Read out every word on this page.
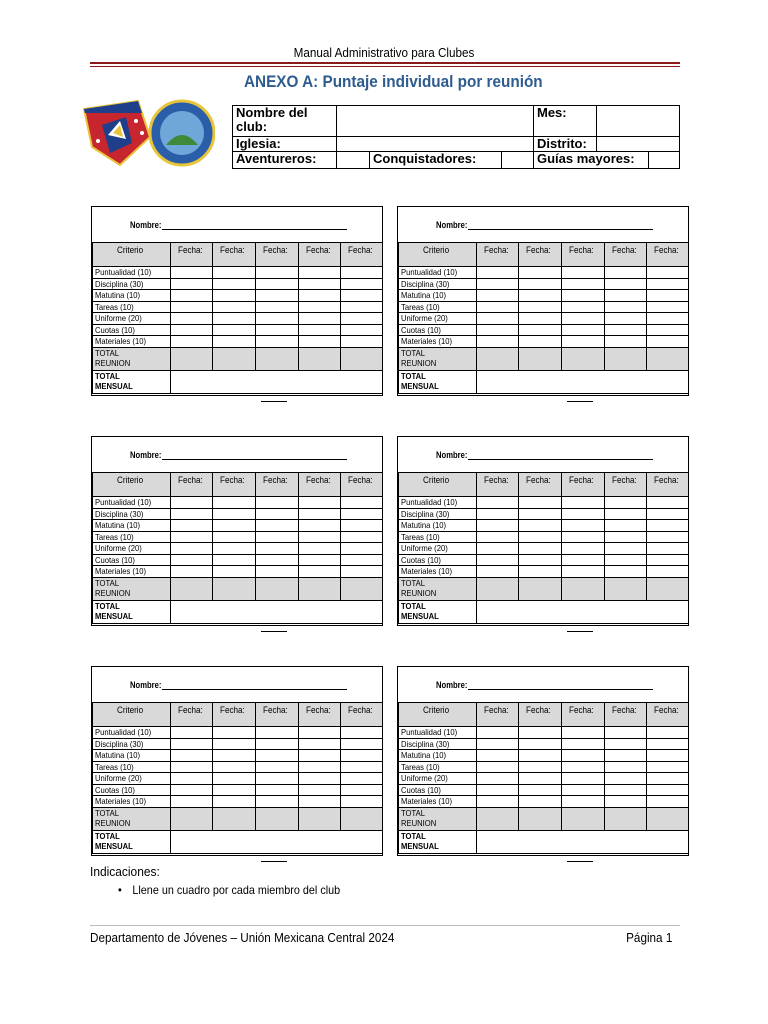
Manual Administrativo para Clubes
ANEXO A: Puntaje individual por reunión
Nombre del club:				Mes:		
Iglesia:				Distrito:		
Aventureros:		Conquistadores:		Guías mayores:		
Nombre:
Criterio	Fecha:	Fecha:	Fecha:	Fecha:	Fecha:
Puntualidad (10)					
Disciplina (30)					
Matutina (10)					
Tareas (10)					
Uniforme (20)					
Cuotas (10)					
Materiales (10)					
TOTAL
REUNION					
TOTAL
MENSUAL					
Nombre:
Criterio	Fecha:	Fecha:	Fecha:	Fecha:	Fecha:
Puntualidad (10)					
Disciplina (30)					
Matutina (10)					
Tareas (10)					
Uniforme (20)					
Cuotas (10)					
Materiales (10)					
TOTAL
REUNION					
TOTAL
MENSUAL					
Nombre:
Criterio	Fecha:	Fecha:	Fecha:	Fecha:	Fecha:
Puntualidad (10)					
Disciplina (30)					
Matutina (10)					
Tareas (10)					
Uniforme (20)					
Cuotas (10)					
Materiales (10)					
TOTAL
REUNION					
TOTAL
MENSUAL					
Nombre:
Criterio	Fecha:	Fecha:	Fecha:	Fecha:	Fecha:
Puntualidad (10)					
Disciplina (30)					
Matutina (10)					
Tareas (10)					
Uniforme (20)					
Cuotas (10)					
Materiales (10)					
TOTAL
REUNION					
TOTAL
MENSUAL					
Nombre:
Criterio	Fecha:	Fecha:	Fecha:	Fecha:	Fecha:
Puntualidad (10)					
Disciplina (30)					
Matutina (10)					
Tareas (10)					
Uniforme (20)					
Cuotas (10)					
Materiales (10)					
TOTAL
REUNION					
TOTAL
MENSUAL					
Nombre:
Criterio	Fecha:	Fecha:	Fecha:	Fecha:	Fecha:
Puntualidad (10)					
Disciplina (30)					
Matutina (10)					
Tareas (10)					
Uniforme (20)					
Cuotas (10)					
Materiales (10)					
TOTAL
REUNION					
TOTAL
MENSUAL					
Indicaciones:
• Llene un cuadro por cada miembro del club
Departamento de Jóvenes – Unión Mexicana Central 2024	Página 1
